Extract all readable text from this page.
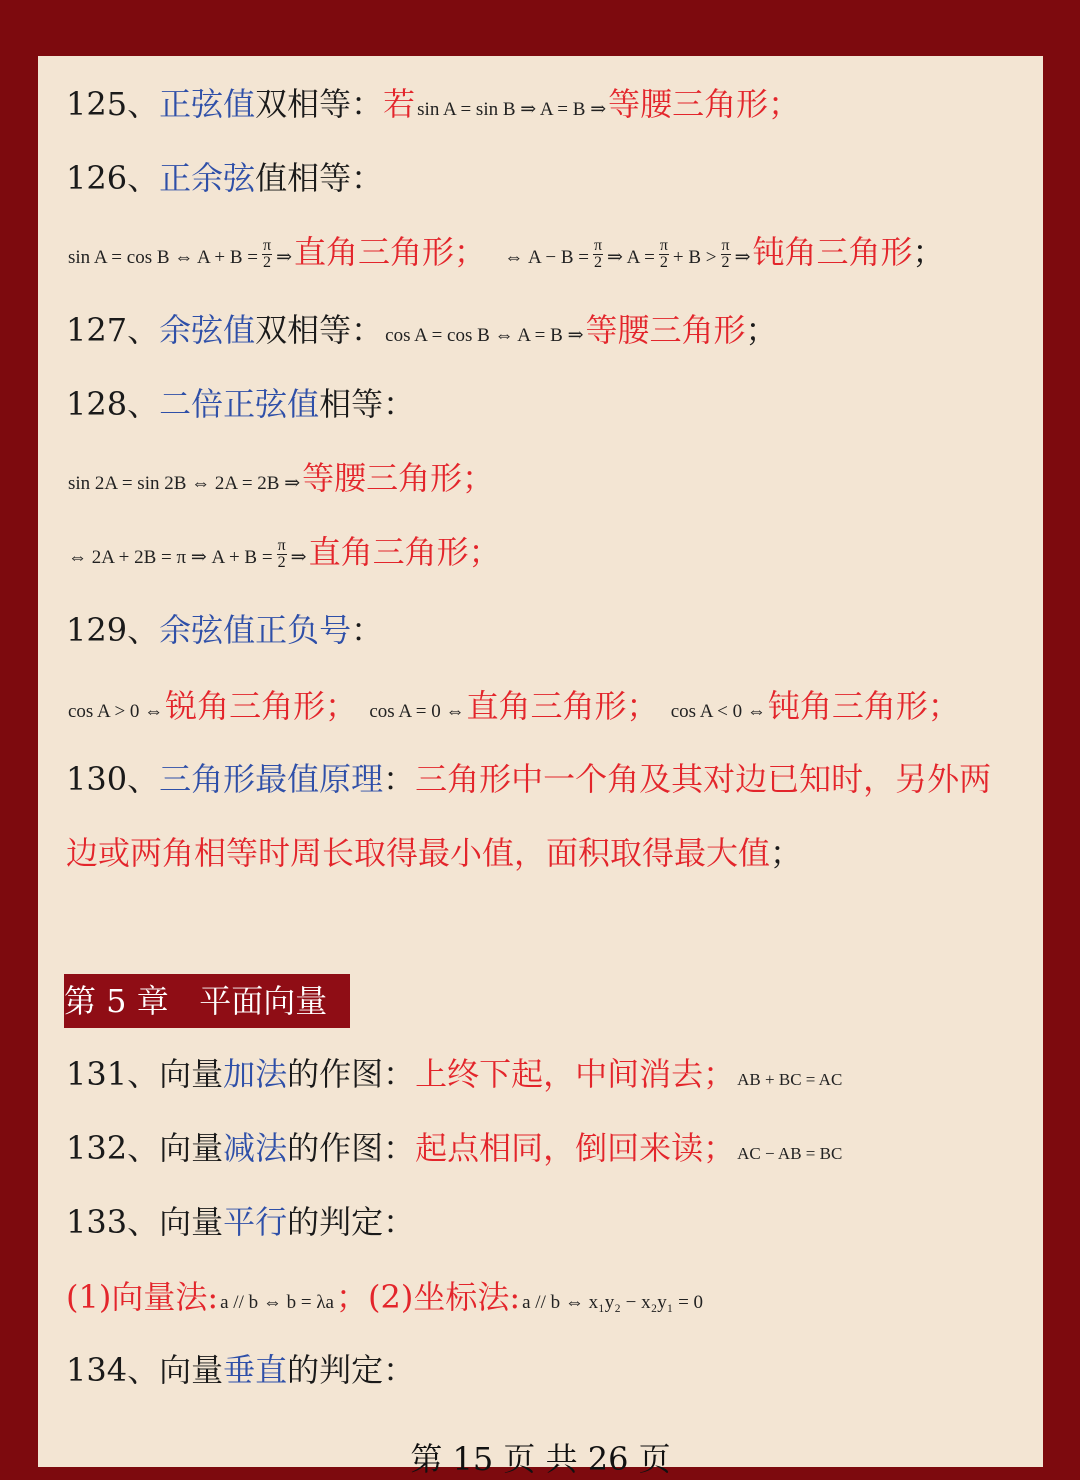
125、正弦值双相等：若 sin A = sin B ⇒ A = B ⇒等腰三角形；
126、正余弦值相等：
sin A = cos B ⇔ $A + B = \frac{\pi}{2}$ ⇒直角三角形； ⇔ $A - B = \frac{\pi}{2}$ ⇒ $A = \frac{\pi}{2} + B > \frac{\pi}{2}$ ⇒钝角三角形；
127、余弦值双相等： cos A = cos B ⇔ A = B ⇒等腰三角形；
128、二倍正弦值相等：
sin 2A = sin 2B ⇔ 2A = 2B ⇒等腰三角形；
⇔ 2A + 2B = π ⇒ $A + B = \frac{\pi}{2}$ ⇒直角三角形；
129、余弦值正负号：
cos A > 0 ⇔锐角三角形； cos A = 0 ⇔直角三角形； cos A < 0 ⇔钝角三角形；
130、三角形最值原理：三角形中一个角及其对边已知时，另外两
边或两角相等时周长取得最小值，面积取得最大值；
第 5 章   平面向量
131、向量加法的作图：上终下起，中间消去； AB + BC = AC
132、向量减法的作图：起点相同，倒回来读； AC − AB = BC
133、向量平行的判定：
(1)向量法: a // b ⇔ b = λa；(2)坐标法: a // b ⇔ x₁y₂ − x₂y₁ = 0
134、向量垂直的判定：
第 15 页 共 26 页
